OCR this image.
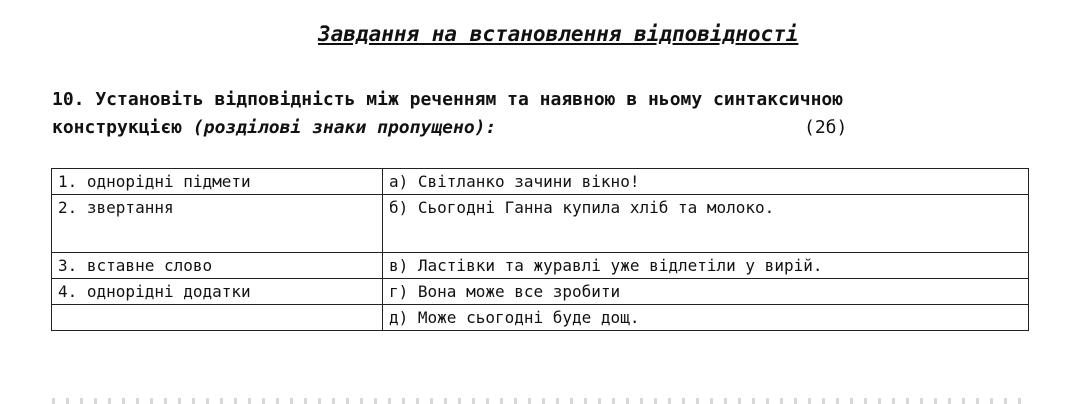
Завдання на встановлення відповідності
10. Установіть відповідність між реченням та наявною в ньому синтаксичною
конструкцією (розділові знаки пропущено):	(2б)
1. однорідні підмети	а) Світланко зачини вікно!
2. звертання	б) Сьогодні Ганна купила хліб та молоко.
3. вставне слово	в) Ластівки та журавлі уже відлетіли у вирій.
4. однорідні додатки	г) Вона може все зробити
	д) Може сьогодні буде дощ.
